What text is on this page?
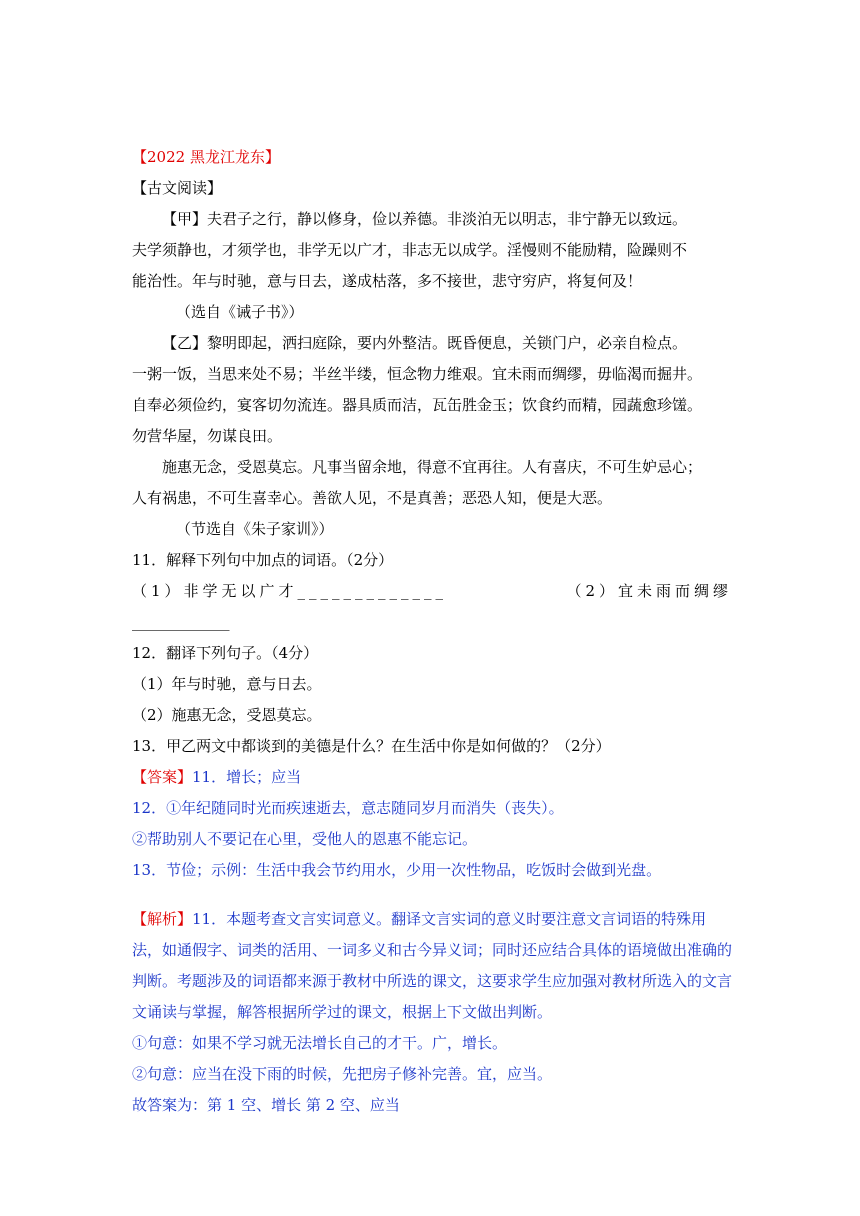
【2022 黑龙江龙东】

【古文阅读】

【甲】夫君子之行，静以修身，俭以养德。非淡泊无以明志，非宁静无以致远。

夫学须静也，才须学也，非学无以广才，非志无以成学。淫慢则不能励精，险躁则不

能治性。年与时驰，意与日去，遂成枯落，多不接世，悲守穷庐，将复何及！

（选自《诫子书》）

【乙】黎明即起，洒扫庭除，要内外整洁。既昏便息，关锁门户，必亲自检点。

一粥一饭，当思来处不易；半丝半缕，恒念物力维艰。宜未雨而绸缪，毋临渴而掘井。

自奉必须俭约，宴客切勿流连。器具质而洁，瓦缶胜金玉；饮食约而精，园蔬愈珍馐。

勿营华屋，勿谋良田。

施惠无念，受恩莫忘。凡事当留余地，得意不宜再往。人有喜庆，不可生妒忌心；

人有祸患，不可生喜幸心。善欲人见，不是真善；恶恐人知，便是大恶。

（节选自《朱子家训》）

11．解释下列句中加点的词语。（2分）

（1）非学无以广才_____________	（2）宜未雨而绸缪

_____________

12．翻译下列句子。（4分）

（1）年与时驰，意与日去。

（2）施惠无念，受恩莫忘。

13．甲乙两文中都谈到的美德是什么？在生活中你是如何做的？（2分）

【答案】11．增长；应当

12．①年纪随同时光而疾速逝去，意志随同岁月而消失（丧失）。

②帮助别人不要记在心里，受他人的恩惠不能忘记。

13．节俭；示例：生活中我会节约用水，少用一次性物品，吃饭时会做到光盘。

【解析】11．本题考查文言实词意义。翻译文言实词的意义时要注意文言词语的特殊用法，如通假字、词类的活用、一词多义和古今异义词；同时还应结合具体的语境做出准确的判断。考题涉及的词语都来源于教材中所选的课文，这要求学生应加强对教材所选入的文言文诵读与掌握，解答根据所学过的课文，根据上下文做出判断。

①句意：如果不学习就无法增长自己的才干。广，增长。

②句意：应当在没下雨的时候，先把房子修补完善。宜，应当。

故答案为：第 1 空、增长 第 2 空、应当
